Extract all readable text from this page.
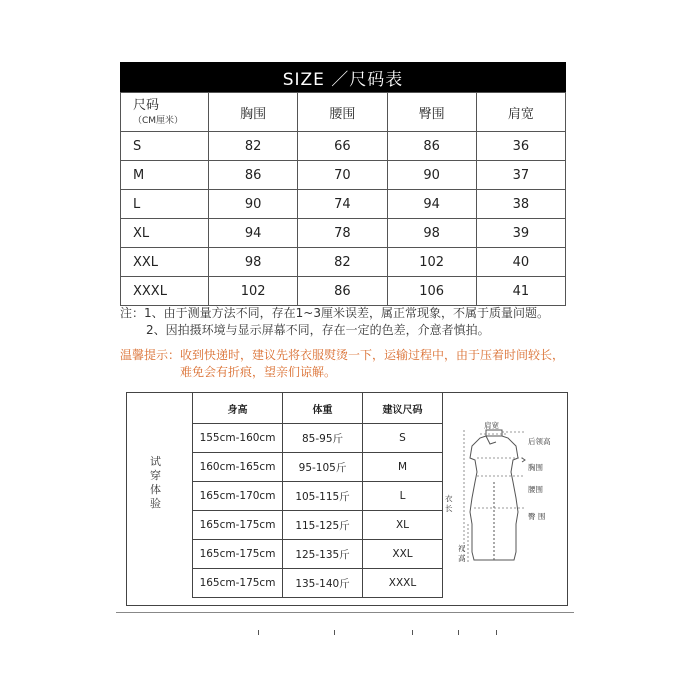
SIZE ／尺码表
尺码
（CM厘米）	胸围	腰围	臀围	肩宽
S	82	66	86	36
M	86	70	90	37
L	90	74	94	38
XL	94	78	98	39
XXL	98	82	102	40
XXXL	102	86	106	41
注：1、由于测量方法不同，存在1~3厘米误差，属正常现象，不属于质量问题。
2、因拍摄环境与显示屏幕不同，存在一定的色差，介意者慎拍。
温馨提示：收到快递时，建议先将衣服熨烫一下，运输过程中，由于压着时间较长，
难免会有折痕，望亲们谅解。
试穿体验
身高	体重	建议尺码
155cm-160cm	85-95斤	S
160cm-165cm	95-105斤	M
165cm-170cm	105-115斤	L
165cm-175cm	115-125斤	XL
165cm-175cm	125-135斤	XXL
165cm-175cm	135-140斤	XXXL
肩宽
后领高
胸围
腰围
臀 围
衣长
衩高
